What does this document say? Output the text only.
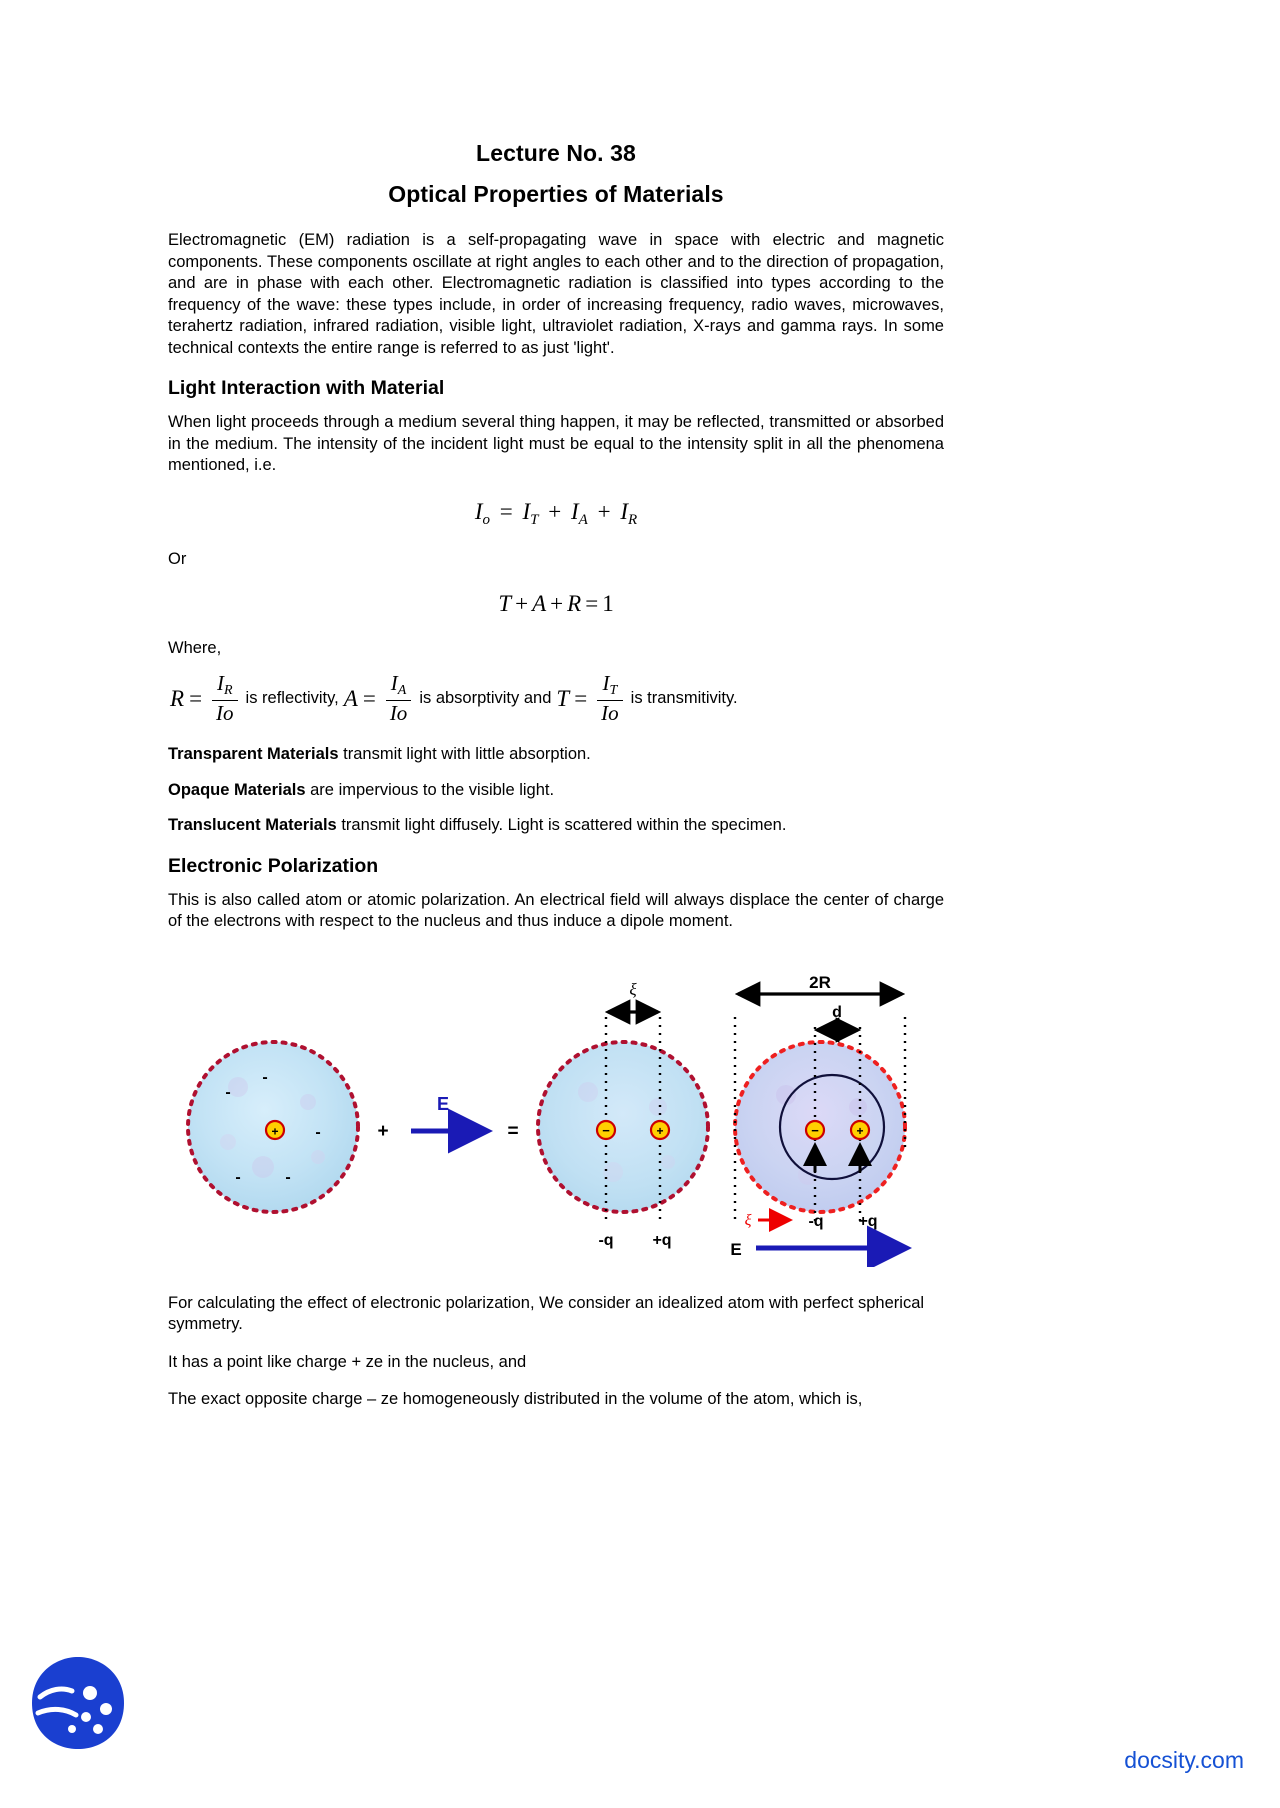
Lecture No. 38
Optical Properties of Materials

Electromagnetic (EM) radiation is a self-propagating wave in space with electric and magnetic components. These components oscillate at right angles to each other and to the direction of propagation, and are in phase with each other. Electromagnetic radiation is classified into types according to the frequency of the wave: these types include, in order of increasing frequency, radio waves, microwaves, terahertz radiation, infrared radiation, visible light, ultraviolet radiation, X-rays and gamma rays. In some technical contexts the entire range is referred to as just 'light'.

Light Interaction with Material

When light proceeds through a medium several thing happen, it may be reflected, transmitted or absorbed in the medium. The intensity of the incident light must be equal to the intensity split in all the phenomena mentioned, i.e.

$I_o = I_T + I_A + I_R$

Or

T + A + R = 1

Where,

$R = \frac{I_R}{Io}$ is reflectivity, $A = \frac{I_A}{Io}$ is absorptivity and $T = \frac{I_T}{Io}$ is transmitivity.

Transparent Materials transmit light with little absorption.

Opaque Materials are impervious to the visible light.

Translucent Materials transmit light diffusely. Light is scattered within the specimen.

Electronic Polarization

This is also called atom or atomic polarization. An electrical field will always displace the center of charge of the electrons with respect to the nucleus and thus induce a dipole moment.

-
-
-
-	-
+	+
E
=
ξ
−	+
-q +q
2R
d
−	+
ξ	-q +q
E

For calculating the effect of electronic polarization, We consider an idealized atom with perfect spherical symmetry.

It has a point like charge + ze in the nucleus, and

The exact opposite charge – ze homogeneously distributed in the volume of the atom, which is,

docsity.com
